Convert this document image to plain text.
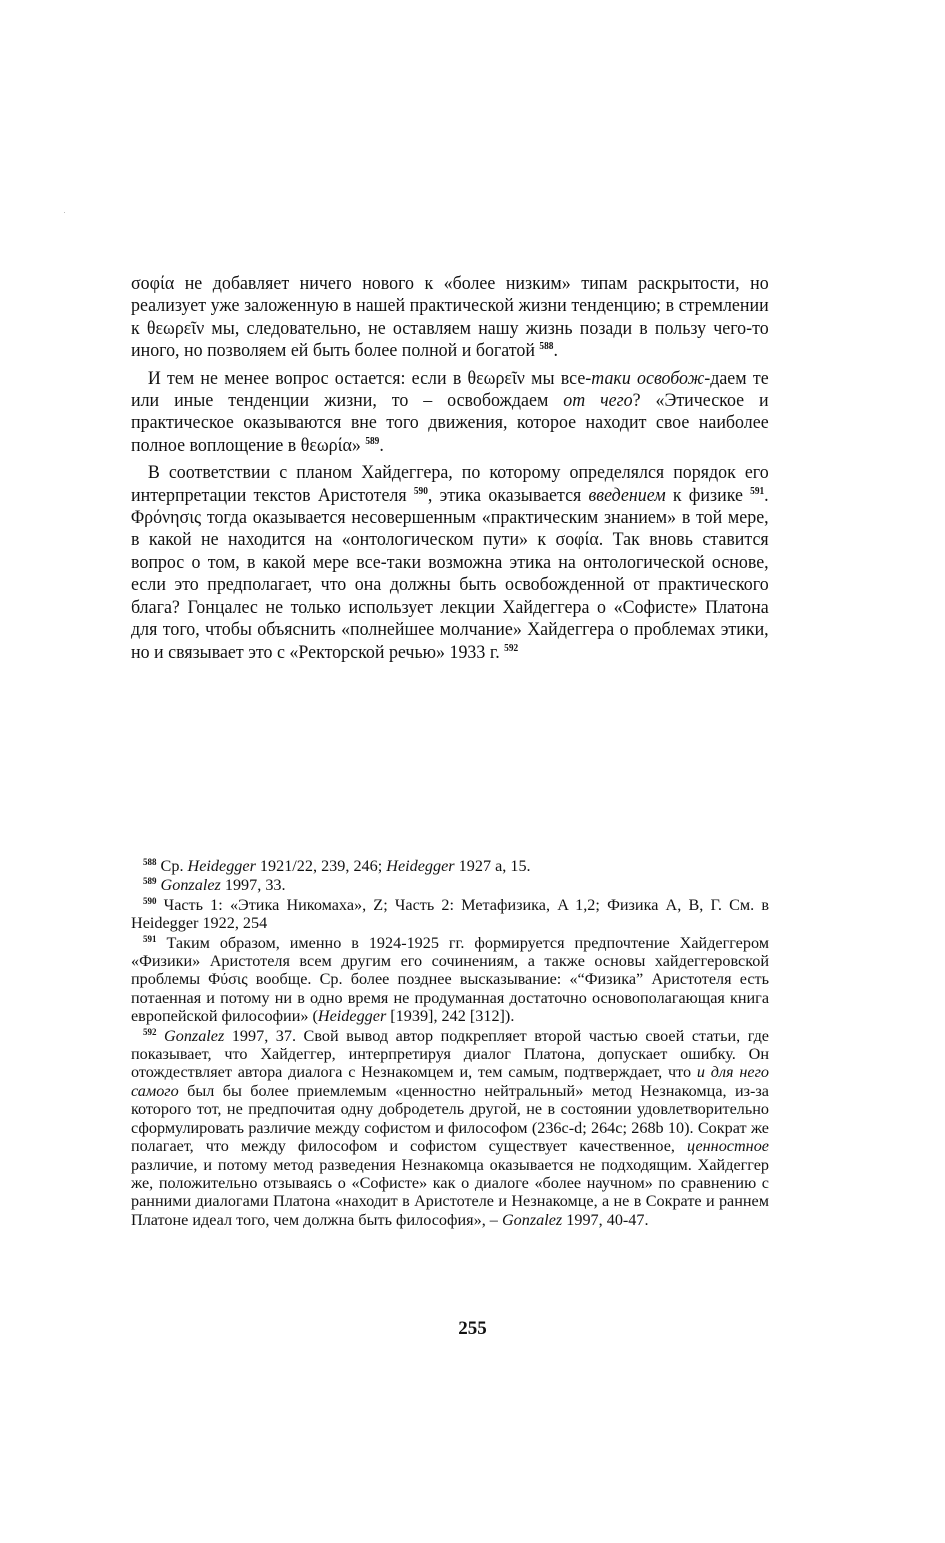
σοφία не добавляет ничего нового к «более низким» типам раскрытости, но реализует уже заложенную в нашей практической жизни тенденцию; в стремлении к θεωρεῖν мы, следовательно, не оставляем нашу жизнь позади в пользу чего-то иного, но позволяем ей быть более полной и богатой $^{588}$.

И тем не менее вопрос остается: если в θεωρεῖν мы все-таки освобож-даем те или иные тенденции жизни, то – освобождаем от чего? «Этическое и практическое оказываются вне того движения, которое находит свое наиболее полное воплощение в θεωρία» $^{589}$.

В соответствии с планом Хайдеггера, по которому определялся порядок его интерпретации текстов Аристотеля $^{590}$, этика оказывается введением к физике $^{591}$. Φρόνησις тогда оказывается несовершенным «практическим знанием» в той мере, в какой не находится на «онтологическом пути» к σοφία. Так вновь ставится вопрос о том, в какой мере все-таки возможна этика на онтологической основе, если это предполагает, что она должны быть освобожденной от практического блага? Гонцалес не только использует лекции Хайдеггера о «Софисте» Платона для того, чтобы объяснить «полнейшее молчание» Хайдеггера о проблемах этики, но и связывает это с «Ректорской речью» 1933 г. $^{592}$

$^{588}$ Ср. Heidegger 1921/22, 239, 246; Heidegger 1927 a, 15.

$^{589}$ Gonzalez 1997, 33.

$^{590}$ Часть 1: «Этика Никомаха», Z; Часть 2: Метафизика, A 1,2; Физика A, B, Γ. См. в Heidegger 1922, 254

$^{591}$ Таким образом, именно в 1924-1925 гг. формируется предпочтение Хайдеггером «Физики» Аристотеля всем другим его сочинениям, а также основы хайдеггеровской проблемы Φύσις вообще. Ср. более позднее высказывание: «“Физика” Аристотеля есть потаенная и потому ни в одно время не продуманная достаточно основополагающая книга европейской философии» (Heidegger [1939], 242 [312]).

$^{592}$ Gonzalez 1997, 37. Свой вывод автор подкрепляет второй частью своей статьи, где показывает, что Хайдеггер, интерпретируя диалог Платона, допускает ошибку. Он отождествляет автора диалога с Незнакомцем и, тем самым, подтверждает, что и для него самого был бы более приемлемым «ценностно нейтральный» метод Незнакомца, из-за которого тот, не предпочитая одну добродетель другой, не в состоянии удовлетворительно сформулировать различие между софистом и философом (236c-d; 264c; 268b 10). Сократ же полагает, что между философом и софистом существует качественное, ценностное различие, и потому метод разведения Незнакомца оказывается не подходящим. Хайдеггер же, положительно отзываясь о «Софисте» как о диалоге «более научном» по сравнению с ранними диалогами Платона «находит в Аристотеле и Незнакомце, а не в Сократе и раннем Платоне идеал того, чем должна быть философия», – Gonzalez 1997, 40-47.

255
